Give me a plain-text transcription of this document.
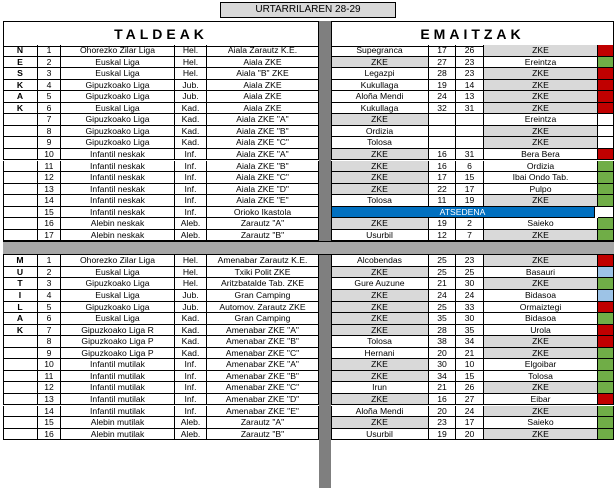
URTARRILAREN 28-29
TALDEAK	EMAITZAK
N	1	Ohorezko Zilar Liga	Hel.	Aiala Zarautz K.E.	Supegranca	17	26	ZKE
E	2	Euskal Liga	Hel.	Aiala ZKE	ZKE	27	23	Ereintza
S	3	Euskal Liga	Hel.	Aiala "B" ZKE	Legazpi	28	23	ZKE
K	4	Gipuzkoako Liga	Jub.	Aiala ZKE	Kukullaga	19	14	ZKE
A	5	Gipuzkoako Liga	Jub.	Aiala ZKE	Aloña Mendi	24	13	ZKE
K	6	Euskal Liga	Kad.	Aiala ZKE	Kukullaga	32	31	ZKE
7	Gipuzkoako Liga	Kad.	Aiala ZKE "A"	ZKE	Ereintza
8	Gipuzkoako Liga	Kad.	Aiala ZKE "B"	Ordizia	ZKE
9	Gipuzkoako Liga	Kad.	Aiala ZKE "C"	Tolosa	ZKE
10	Infantil neskak	Inf.	Aiala ZKE "A"	ZKE	16	31	Bera Bera
11	Infantil neskak	Inf.	Aiala ZKE "B"	ZKE	16	6	Ordizia
12	Infantil neskak	Inf.	Aiala ZKE "C"	ZKE	17	15	Ibai Ondo Tab.
13	Infantil neskak	Inf.	Aiala ZKE "D"	ZKE	22	17	Pulpo
14	Infantil neskak	Inf.	Aiala ZKE "E"	Tolosa	11	19	ZKE
15	Infantil neskak	Inf.	Orioko Ikastola	ATSEDENA
16	Alebin neskak	Aleb.	Zarautz "A"	ZKE	19	2	Saieko
17	Alebin neskak	Aleb.	Zarautz "B"	Usurbil	12	7	ZKE
M	1	Ohorezko Zilar Liga	Hel.	Amenabar Zarautz K.E.	Alcobendas	25	23	ZKE
U	2	Euskal Liga	Hel.	Txiki Polit ZKE	ZKE	25	25	Basauri
T	3	Gipuzkoako Liga	Hel.	Aritzbatalde Tab. ZKE	Gure Auzune	21	30	ZKE
I	4	Euskal Liga	Jub.	Gran Camping	ZKE	24	24	Bidasoa
L	5	Gipuzkoako Liga	Jub.	Automov. Zarautz ZKE	ZKE	25	33	Ormaiztegi
A	6	Euskal Liga	Kad.	Gran Camping	ZKE	35	30	Bidasoa
K	7	Gipuzkoako Liga R	Kad.	Amenabar ZKE "A"	ZKE	28	35	Urola
8	Gipuzkoako Liga P	Kad.	Amenabar ZKE "B"	Tolosa	38	34	ZKE
9	Gipuzkoako Liga P	Kad.	Amenabar ZKE "C"	Hernani	20	21	ZKE
10	Infantil mutilak	Inf.	Amenabar ZKE "A"	ZKE	30	10	Elgoibar
11	Infantil mutilak	Inf.	Amenabar ZKE "B"	ZKE	34	15	Tolosa
12	Infantil mutilak	Inf.	Amenabar ZKE "C"	Irun	21	26	ZKE
13	Infantil mutilak	Inf.	Amenabar ZKE "D"	ZKE	16	27	Eibar
14	Infantil mutilak	Inf.	Amenabar ZKE "E"	Aloña Mendi	20	24	ZKE
15	Alebin mutilak	Aleb.	Zarautz "A"	ZKE	23	17	Saieko
16	Alebin mutilak	Aleb.	Zarautz "B"	Usurbil	19	20	ZKE
